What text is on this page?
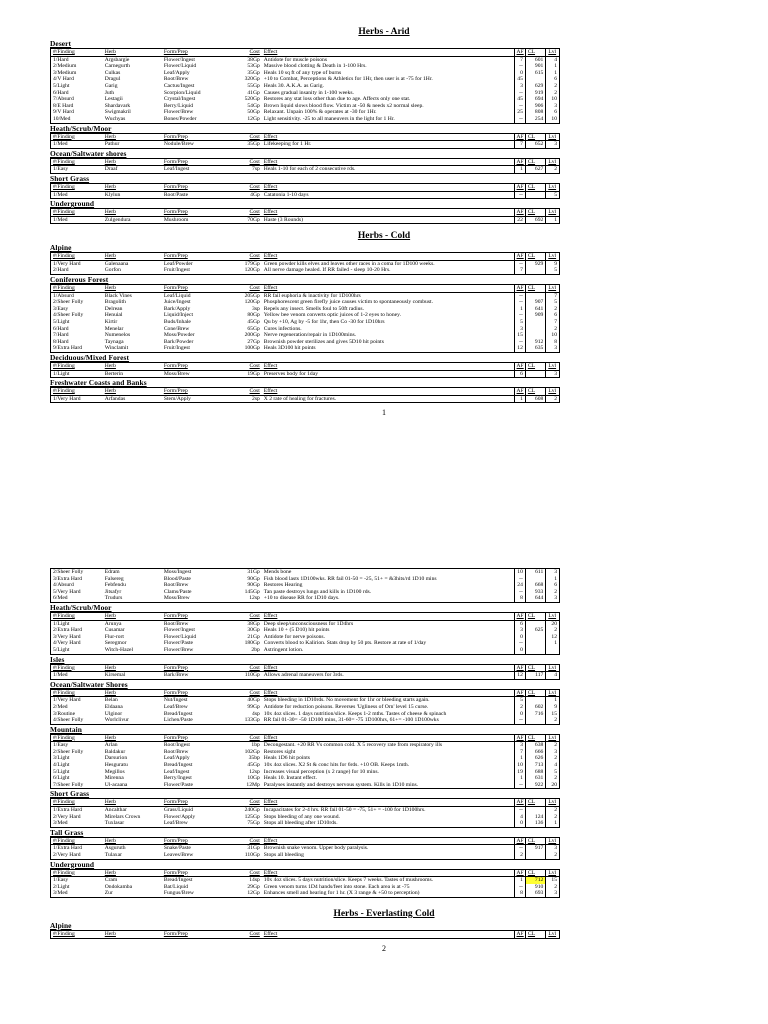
Herbs - Arid
Desert
#/Finding	Herb	Form/Prep	Cost	Effect	AF	CL	Lvl
1/Hard	Argsbargie	Flower/Ingest	38Gp	Antidote for muscle poisons	7	601	4
2/Medium	Carnegurth	Flower/Liquid	53Gp	Massive blood clotting & Death in 1-100 Hrs.	--	901	1
3/Medium	Culkas	Leaf/Apply	35Gp	Heals 10 sq ft of any type of burns	0	615	1
4/V Hard	Dragul	Root/Brew	320Gp	+10 to Combat, Perceptions & Athletics for 1Hr, then user is at -75 for 1Hr.	45		6
5/Light	Garig	Cactus/Ingest	55Gp	Heals 30. A.K.A. as Garig.	3	629	2
6/Hard	Juth	Scorpion/Liquid	41Gp	Causes gradual insanity in 1-100 weeks.	--	919	2
7/Absurd	Lestagii	Crystal/Ingest	520Gp	Restores any stat loss other than due to age. Affects only one stat.	45	694	10
8/E Hard	Shardavark	Berry/Liquid	54Gp	Brown liquid slows blood flow. Victim at -50 & needs x2 normal sleep.	--	906	3
9/V Hard	Swigmakril	Flower/Brew	50Gp	Relaxant. Unpain 100% & operates at -30 for 1Hr.	25	808	6
10/Med	Wuchyas	Bones/Powder	12Gp	Light sensitivity. -25 to all maneuvers in the light for 1 Hr.	--	254	10
Heath/Scrub/Moor
#/Finding	Herb	Form/Prep	Cost	Effect	AF	CL	Lvl
1/Med	Pathur	Nodule/Brew	35Gp	Lifekeeping for 1 Hr.	7	652	3
Ocean/Saltwater shores
#/Finding	Herb	Form/Prep	Cost	Effect	AF	CL	Lvl
1/Easy	Draaf	Leaf/Ingest	7sp	Heals 1-10 for each of 2 consecutive rds.	1	627	2
Short Grass
#/Finding	Herb	Form/Prep	Cost	Effect	AF	CL	Lvl
1/Med	Klylun	Root/Paste	4Gp	Catatonia 1-10 days	--		5
Underground
#/Finding	Herb	Form/Prep	Cost	Effect	AF	CL	Lvl
1/Med	Zulgendura	Mushroom	70Gp	Haste (3 Rounds)	22	692	1
Herbs - Cold
Alpine
#/Finding	Herb	Form/Prep	Cost	Effect	AF	CL	Lvl
1/Very Hard	Galenaana	Leaf/Powder	179Gp	Green powder kills elves and leaves other races in a coma for 1D100 weeks.	--	929	9
2/Hard	Gorfon	Fruit/Ingest	120Gp	All nerve damage healed. If RR failed - sleep 10-20 Hrs.	7		5
Coniferous Forest
#/Finding	Herb	Form/Prep	Cost	Effect	AF	CL	Lvl
1/Absurd	Black Vines	Leaf/Liquid	205Gp	RR fail euphoria & inactivity for 1D100hrs	--		7
2/Sheer Folly	Bragolith	Juice/Ingest	120Gp	Phosphorescent green firefly juice causes victim to spontaneously combust.	--	907	5
3/Easy	Delrean	Bark/Apply	3sp	Repels any insect. Smells foul to 50ft radius.	1	641	2
4/Sheer Folly	Henuial	Liquid/Inject	80Gp	Yellow bee venom converts optic juices of 1-2 eyes to honey.	--	909	6
5/Light	Kirtir	Buds/Inhale	45Gp	Qu by +10, Ag by -5 for 1hr, then Co -30 for 1D10hrs	5		7
6/Hard	Menelar	Cone/Brew	65Gp	Cures infections.	3		2
7/Hard	Numenelos	Moss/Powder	200Gp	Nerve regeneration/repair in 1D100mins.	15		10
8/Hard	Taynaga	Bark/Powder	27Gp	Brownish powder sterilizes and gives 5D10 hit points	--	912	8
9/Extra Hard	Winclamit	Fruit/Ingest	100Gp	Heals 3D100 hit points	12	635	3
Deciduous/Mixed Forest
#/Finding	Herb	Form/Prep	Cost	Effect	AF	CL	Lvl
1/Light	Berterin	Moss/Brew	19Gp	Preserves body for 1day	6		3
Freshwater Coasts and Banks
#/Finding	Herb	Form/Prep	Cost	Effect	AF	CL	Lvl
1/Very Hard	Arfandas	Stem/Apply	2sp	X 2 rate of healing for fractures.	1	608	2
1
2/Sheer Folly	Edram	Moss/Ingest	31Gp	Mends bone	10	611	3
3/Extra Hard	Falsereg	Blood/Paste	90Gp	Fish blood lasts 1D100wks. RR fail 01-50 = -25, 51+ = &3hits/rd 1D10 mins	--		1
4/Absurd	Febfendu	Root/Brew	90Gp	Restores Hearing	24	668	6
5/Very Hard	Jitsafyr	Clams/Paste	145Gp	Tan paste destroys lungs and kills in 1D100 rds.	--	933	2
6/Med	Trudurs	Moss/Brew	12sp	+10 to disease RR for 1D10 days.	8	644	3
Heath/Scrub/Moor
#/Finding	Herb	Form/Prep	Cost	Effect	AF	CL	Lvl
1/Light	Arunya	Root/Brew	38Gp	Deep sleep/unconsciousness for 1D4hrs	6		20
2/Extra Hard	Cusamar	Flower/Ingest	30Gp	Heals 10 + (5 D10) hit points	3	625	2
3/Very Hard	Flur-rort	Flower/Liquid	21Gp	Antidote for nerve poisons.	0		12
4/Very Hard	Seregmor	Flower/Paste	180Gp	Converts blood to Kalirion. Stats drop by 50 pts. Restore at rate of 1/day	--		1
5/Light	Witch-Hazel	Flower/Brew	2bp	Astringent lotion.	0		
Isles
#/Finding	Herb	Form/Prep	Cost	Effect	AF	CL	Lvl
1/Med	Kirsemal	Bark/Brew	110Gp	Allows adrenal maneuvers for 3rds.	12	117	4
Ocean/Saltwater Shores
#/Finding	Herb	Form/Prep	Cost	Effect	AF	CL	Lvl
1/Very Hard	Belan	Nut/Ingest	40Gp	Stops bleeding in 1D10rds. No movement for 1hr or bleeding starts again.	5		1
2/Med	Eldaana	Leaf/Brew	99Gp	Antidote for reduction poisons. Reverses 'Ugliness of Orn' level 15 curse.	2	602	9
3/Routine	Ulginor	Bread/Ingest	4sp	10x 4oz slices. 1 days nutrition/slice. Keeps 1-2 mths. Tastes of cheese & spinach	0	716	15
4/Sheer Folly	Worlclivur	Lichen/Paste	133Gp	RR fail 01-30= -50 1D100 mins, 31-60= -75 1D100hrs, 61+= -100 1D100wks	--		2
Mountain
#/Finding	Herb	Form/Prep	Cost	Effect	AF	CL	Lvl
1/Easy	Arlan	Root/Ingest	1bp	Decongestant. +20 RR Vs common cold. X 5 recovery rate from respiratory ills	3	638	2
2/Sheer Folly	Baldakur	Root/Brew	102Gp	Restores sight	7	666	3
3/Light	Darsurion	Leaf/Apply	35bp	Heals 1D6 hit points	1	626	2
4/Light	Hesguratu	Bread/Ingest	45Gp	10x 4oz slices. X2 St & conc hits for 6rds. +10 OB. Keeps 1mth.	10	713	4
5/Light	Megillos	Leaf/Ingest	12sp	Increases visual perception (x 2 range) for 10 mins.	19	688	5
6/Light	Mirenna	Berry/Ingest	10Gp	Heals 10. Instant effect.	1	631	2
7/Sheer Folly	Ul-acaana	Flower/Paste	12Mp	Paralyses instantly and destroys nervous system. Kills in 1D10 mins.	--	922	20
Short Grass
#/Finding	Herb	Form/Prep	Cost	Effect	AF	CL	Lvl
1/Extra Hard	Ancalthar	Grass/Liquid	240Gp	Incapacitates for 2-4 hrs. RR fail 01-50 = -75, 51+ = -100 for 1D100hrs.	--		2
2/Very Hard	Mirelars Crown	Flower/Apply	125Gp	Stops bleeding of any one wound.	4	124	2
3/Med	Tuxlasar	Leaf/Brew	75Gp	Stops all bleeding after 1D10rds.	0	136	1
Tall Grass
#/Finding	Herb	Form/Prep	Cost	Effect	AF	CL	Lvl
1/Extra Hard	Asguruth	Snake/Paste	31Gp	Brownish snake venom. Upper body paralysis.	--	917	3
2/Very Hard	Tulaxar	Leaves/Brew	110Gp	Stops all bleeding	2		2
Underground
#/Finding	Herb	Form/Prep	Cost	Effect	AF	CL	Lvl
1/Easy	Cram	Bread/Ingest	14sp	10x 4oz slices. 5 days nutrition/slice. Keeps 7 weeks. Tastes of mushrooms.	1	712	15
2/Light	Ondokamba	Bat/Liquid	29Gp	Green venom turns 1D4 hands/feet into stone. Each area is at -75	--	910	2
3/Med	Zur	Fungus/Brew	12Gp	Enhances smell and hearing for 1 hr. (X 3 range & +50 to perception)	8	693	3
Herbs - Everlasting Cold
Alpine
#/Finding	Herb	Form/Prep	Cost	Effect	AF	CL	Lvl
2
